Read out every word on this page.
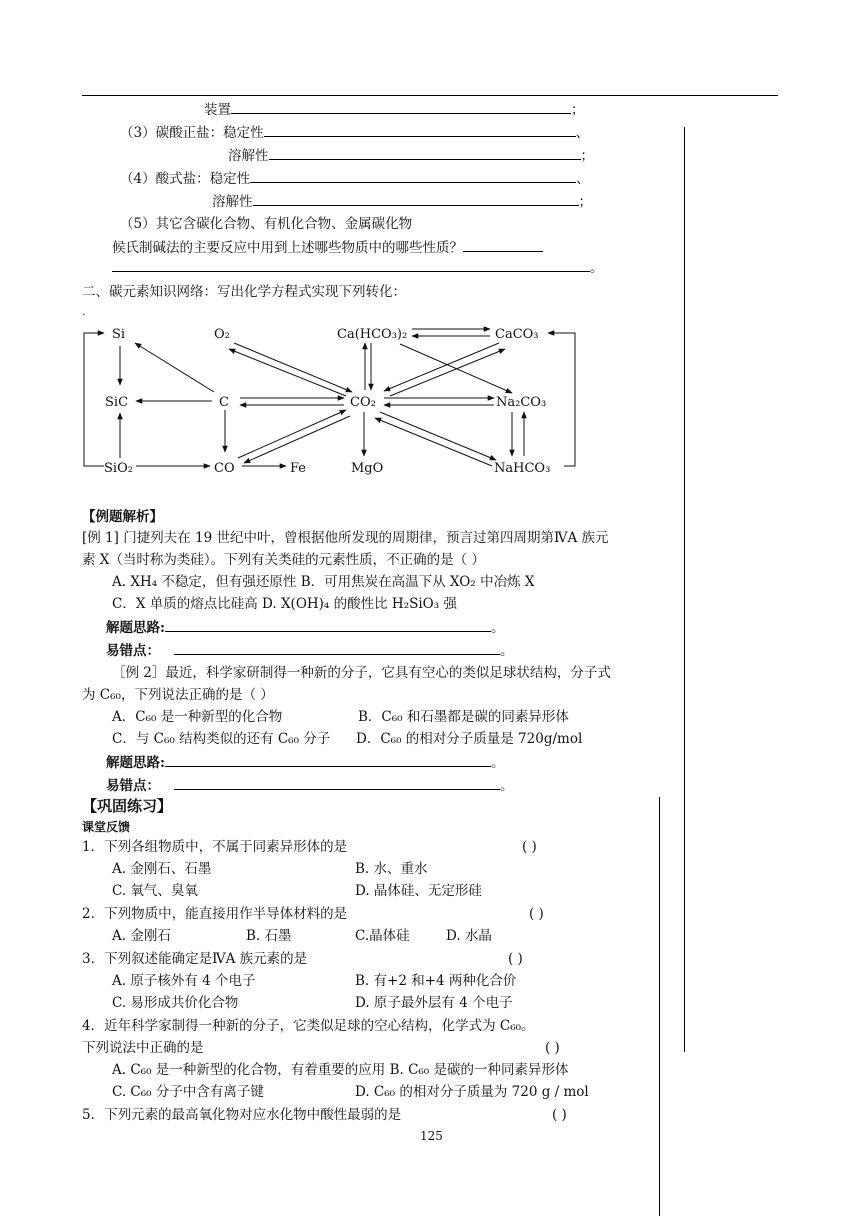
装置	；
（3）碳酸正盐：稳定性	、
溶解性	；
（4）酸式盐：稳定性	、
溶解性	；
（5）其它含碳化合物、有机化合物、金属碳化物
候氏制碱法的主要反应中用到上述哪些物质中的哪些性质？
。
二、碳元素知识网络：写出化学方程式实现下列转化：
.
Si	O₂	Ca(HCO₃)₂	CaCO₃
SiC	C	CO₂	Na₂CO₃
SiO₂	CO	Fe	MgO	NaHCO₃
【例题解析】
[例 1] 门捷列夫在 19 世纪中叶，曾根据他所发现的周期律，预言过第四周期第ⅣA 族元
素 X（当时称为类硅）。下列有关类硅的元素性质，不正确的是（ ）
A. XH₄ 不稳定，但有强还原性 B．可用焦炭在高温下从 XO₂ 中冶炼 X
C．X 单质的熔点比硅高 D. X(OH)₄ 的酸性比 H₂SiO₃ 强
解题思路:	。
易错点：	。
［例 2］最近，科学家研制得一种新的分子，它具有空心的类似足球状结构，分子式
为 C₆₀，下列说法正确的是（ ）
A．C₆₀ 是一种新型的化合物	B．C₆₀ 和石墨都是碳的同素异形体
C．与 C₆₀ 结构类似的还有 C₆₀ 分子 D．C₆₀ 的相对分子质量是 720g/mol
解题思路:	。
易错点：	。
【巩固练习】
课堂反馈
1．下列各组物质中，不属于同素异形体的是	( )
A. 金刚石、石墨	B. 水、重水
C. 氧气、臭氧	D. 晶体硅、无定形硅
2．下列物质中，能直接用作半导体材料的是	( )
A. 金刚石	B. 石墨	C.晶体硅	D. 水晶
3．下列叙述能确定是ⅣA 族元素的是	( )
A. 原子核外有 4 个电子	B. 有+2 和+4 两种化合价
C. 易形成共价化合物	D. 原子最外层有 4 个电子
4．近年科学家制得一种新的分子，它类似足球的空心结构，化学式为 C₆₀。
下列说法中正确的是	( )
A. C₆₀ 是一种新型的化合物，有着重要的应用 B. C₆₀ 是碳的一种同素异形体
C. C₆₀ 分子中含有离子键	D. C₆₀ 的相对分子质量为 720 g / mol
5．下列元素的最高氧化物对应水化物中酸性最弱的是	( )
125
